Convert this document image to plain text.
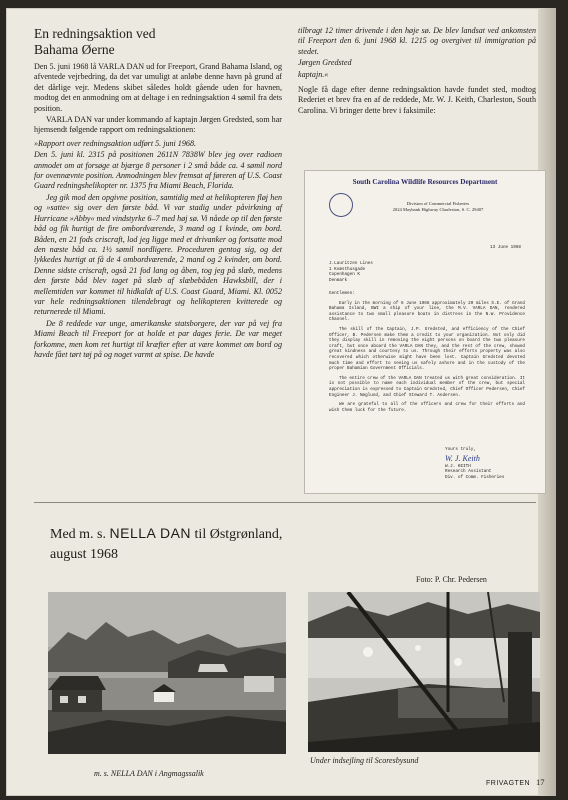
En redningsaktion ved
Bahama Øerne

Den 5. juni 1968 lå VARLA DAN ud for Freeport, Grand Bahama Island, og afventede vejrbedring, da det var umuligt at anløbe denne havn på grund af det dårlige vejr. Medens skibet således holdt gående uden for havnen, modtog det en anmodning om at deltage i en redningsaktion 4 sømil fra dets position.

VARLA DAN var under kommando af kaptajn Jørgen Gredsted, som har hjemsendt følgende rapport om redningsaktionen:

»Rapport over redningsaktion udført 5. juni 1968.

Den 5. juni kl. 2315 på positionen 2611N 7838W blev jeg over radioen anmodet om at forsøge at bjærge 8 personer i 2 små både ca. 4 sømil nord for ovennævnte position. Anmodningen blev fremsat af føreren af U.S. Coast Guard redningshelikopter nr. 1375 fra Miami Beach, Florida.

Jeg gik mod den opgivne position, samtidig med at helikopteren fløj hen og »satte« sig over den første båd. Vi var stadig under påvirkning af Hurricane »Abby« med vindstyrke 6–7 med høj sø. Vi nåede op til den første båd og fik hurtigt de fire ombordværende, 3 mand og 1 kvinde, om bord. Båden, en 21 fods criscraft, lod jeg ligge med et drivanker og fortsatte mod den næste båd ca. 1½ sømil nordligere. Proceduren gentog sig, og det lykkedes hurtigt at få de 4 ombordværende, 2 mand og 2 kvinder, om bord. Denne sidste criscraft, også 21 fod lang og åben, tog jeg på slæb, medens den første båd blev taget på slæb af slæbebåden Hawksbill, der i mellemtiden var kommet til hidkaldt af U.S. Coast Guard, Miami. Kl. 0052 var hele redningsaktionen tilendebragt og helikopteren kvitterede og returnerede til Miami.

De 8 reddede var unge, amerikanske statsborgere, der var på vej fra Miami Beach til Freeport for at holde et par dages ferie. De var meget forkomne, men kom ret hurtigt til kræfter efter at være kommet om bord og havde fået tørt tøj på og noget varmt at spise. De havde

tilbragt 12 timer drivende i den høje sø. De blev landsat ved ankomsten til Freeport den 6. juni 1968 kl. 1215 og overgivet til immigration på stedet.

Jørgen Gredsted

kaptajn.«

Nogle få dage efter denne redningsaktion havde fundet sted, modtog Rederiet et brev fra en af de reddede, Mr. W. J. Keith, Charleston, South Carolina. Vi bringer dette brev i faksimile:

South Carolina Wildlife Resources Department
Division of Commercial Fisheries
2024 Maybank Highway Charleston, S. C. 29407
13 June 1968
J.Lauritzen Lines
1 Kvæsthusgade
Copenhagen K
Denmark
Gentlemen:

Early in the morning of 6 June 1968 approximately 20 miles S.E. of Grand Bahama Island, BWI a ship of your line, the M.V. VARLA DAN, rendered assistance to two small pleasure boats in distress in the N.W. Providence Channel.

The skill of the Captain, J.P. Gredsted, and efficiency of the Chief Officer, B. Pedersen make them a credit to your organization. Not only did they display skill in removing the eight persons on board the two pleasure craft, but once aboard the VARLA DAN they, and the rest of the crew, showed great kindness and courtesy to us. Through their efforts property was also recovered which otherwise might have been lost. Captain Gredsted devoted much time and effort to seeing us safely ashore and in the custody of the proper Bahamian Government Officials.

The entire crew of the VARLA DAN treated us with great consideration. It is not possible to name each individual member of the crew, but special appreciation is expressed to Captain Gredsted, Chief Officer Pedersen, Chief Engineer J. Nøglund, and Chief Steward T. Andersen.

We are grateful to all of the officers and crew for their efforts and wish them luck for the future.

Yours truly,
W. J. Keith
W.J. KEITH
Research Assistant
Div. of Comm. Fisheries
Med m. s. NELLA DAN til Østgrønland,
august 1968
Foto: P. Chr. Pedersen
m. s. NELLA DAN i Angmagssalik
Under indsejling til Scoresbysund
FRIVAGTEN 17
